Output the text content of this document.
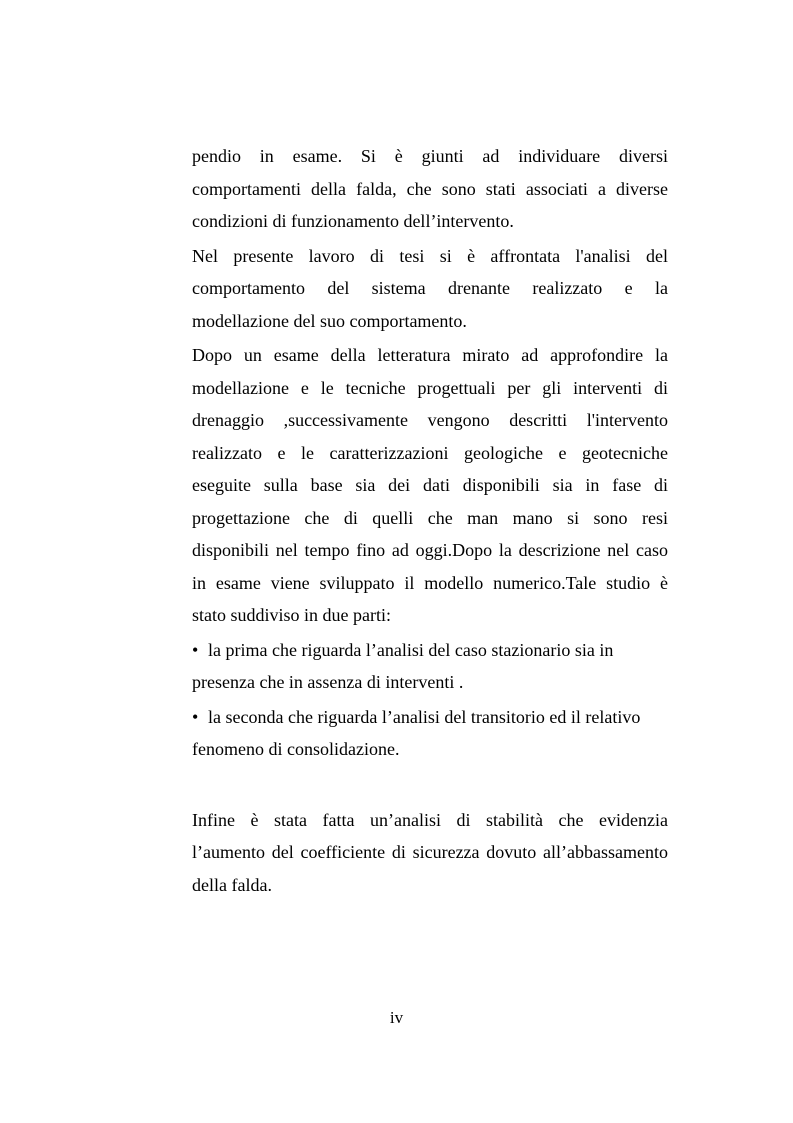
pendio in esame. Si è giunti ad individuare diversi
comportamenti della falda, che sono stati associati a diverse
condizioni di funzionamento dell’intervento.
Nel presente lavoro di tesi si è affrontata l'analisi del
comportamento del sistema drenante realizzato e la
modellazione del suo comportamento.
Dopo un esame della letteratura mirato ad approfondire la
modellazione e le tecniche progettuali per gli interventi di
drenaggio ,successivamente vengono descritti l'intervento
realizzato e le caratterizzazioni geologiche e geotecniche
eseguite sulla base sia dei dati disponibili sia in fase di
progettazione che di quelli che man mano si sono resi
disponibili nel tempo fino ad oggi.Dopo la descrizione nel caso
in esame viene sviluppato il modello numerico.Tale studio è
stato suddiviso in due parti:
• la prima che riguarda l’analisi del caso stazionario sia in
presenza che in assenza di interventi .
• la seconda che riguarda l’analisi del transitorio ed il relativo
fenomeno di consolidazione.
Infine è stata fatta un’analisi di stabilità che evidenzia
l’aumento del coefficiente di sicurezza dovuto all’abbassamento
della falda.
iv
